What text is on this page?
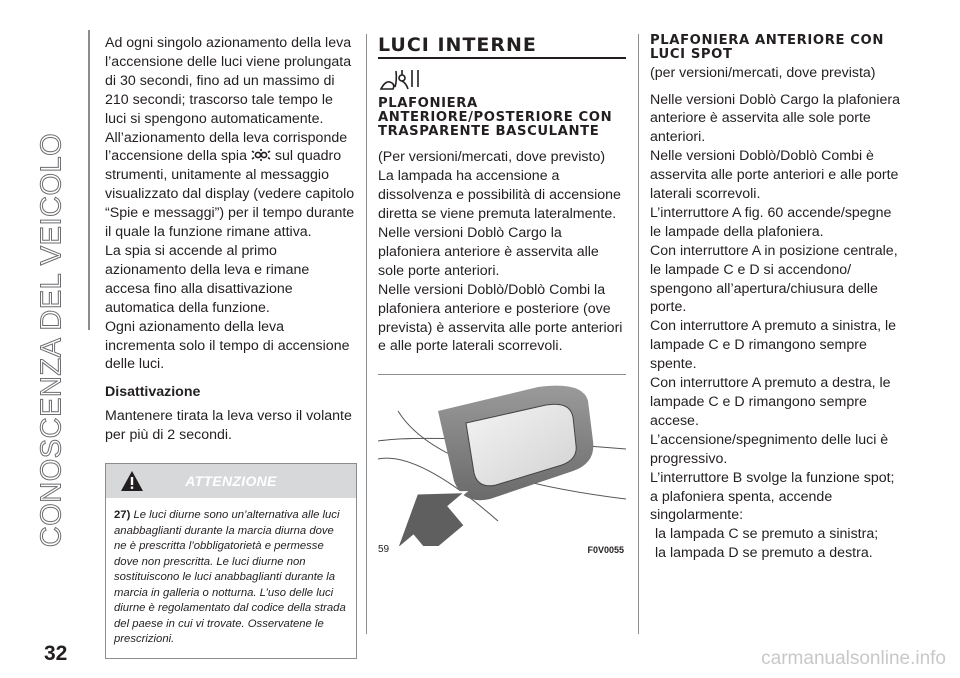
CONOSCENZA DEL VEICOLO
32	carmanualsonline.info

Ad ogni singolo azionamento della leva l’accensione delle luci viene prolungata di 30 secondi, fino ad un massimo di 210 secondi; trascorso tale tempo le luci si spengono automaticamente. All’azionamento della leva corrisponde l’accensione della spia  sul quadro strumenti, unitamente al messaggio visualizzato dal display (vedere capitolo “Spie e messaggi”) per il tempo durante il quale la funzione rimane attiva.

La spia si accende al primo azionamento della leva e rimane accesa fino alla disattivazione automatica della funzione.

Ogni azionamento della leva incrementa solo il tempo di accensione delle luci.

Disattivazione

Mantenere tirata la leva verso il volante per più di 2 secondi.

ATTENZIONE
27) Le luci diurne sono un’alternativa alle luci anabbaglianti durante la marcia diurna dove ne è prescritta l’obbligatorietà e permesse dove non prescritta. Le luci diurne non sostituiscono le luci anabbaglianti durante la marcia in galleria o notturna. L’uso delle luci diurne è regolamentato dal codice della strada del paese in cui vi trovate. Osservatene le prescrizioni.

LUCI INTERNE

PLAFONIERA ANTERIORE/POSTERIORE CON TRASPARENTE BASCULANTE

(Per versioni/mercati, dove previsto)

La lampada ha accensione a dissolvenza e possibilità di accensione diretta se viene premuta lateralmente.

Nelle versioni Doblò Cargo la plafoniera anteriore è asservita alle sole porte anteriori.

Nelle versioni Doblò/Doblò Combi la plafoniera anteriore e posteriore (ove prevista) è asservita alle porte anteriori e alle porte laterali scorrevoli.

59	F0V0055

PLAFONIERA ANTERIORE CON LUCI SPOT

(per versioni/mercati, dove prevista)

Nelle versioni Doblò Cargo la plafoniera anteriore è asservita alle sole porte anteriori.

Nelle versioni Doblò/Doblò Combi è asservita alle porte anteriori e alle porte laterali scorrevoli.

L’interruttore A fig. 60 accende/spegne le lampade della plafoniera.

Con interruttore A in posizione centrale, le lampade C e D si accendono/ spengono all’apertura/chiusura delle porte.

Con interruttore A premuto a sinistra, le lampade C e D rimangono sempre spente.

Con interruttore A premuto a destra, le lampade C e D rimangono sempre accese.

L’accensione/spegnimento delle luci è progressivo.

L’interruttore B svolge la funzione spot; a plafoniera spenta, accende singolarmente:

la lampada C se premuto a sinistra;

la lampada D se premuto a destra.
